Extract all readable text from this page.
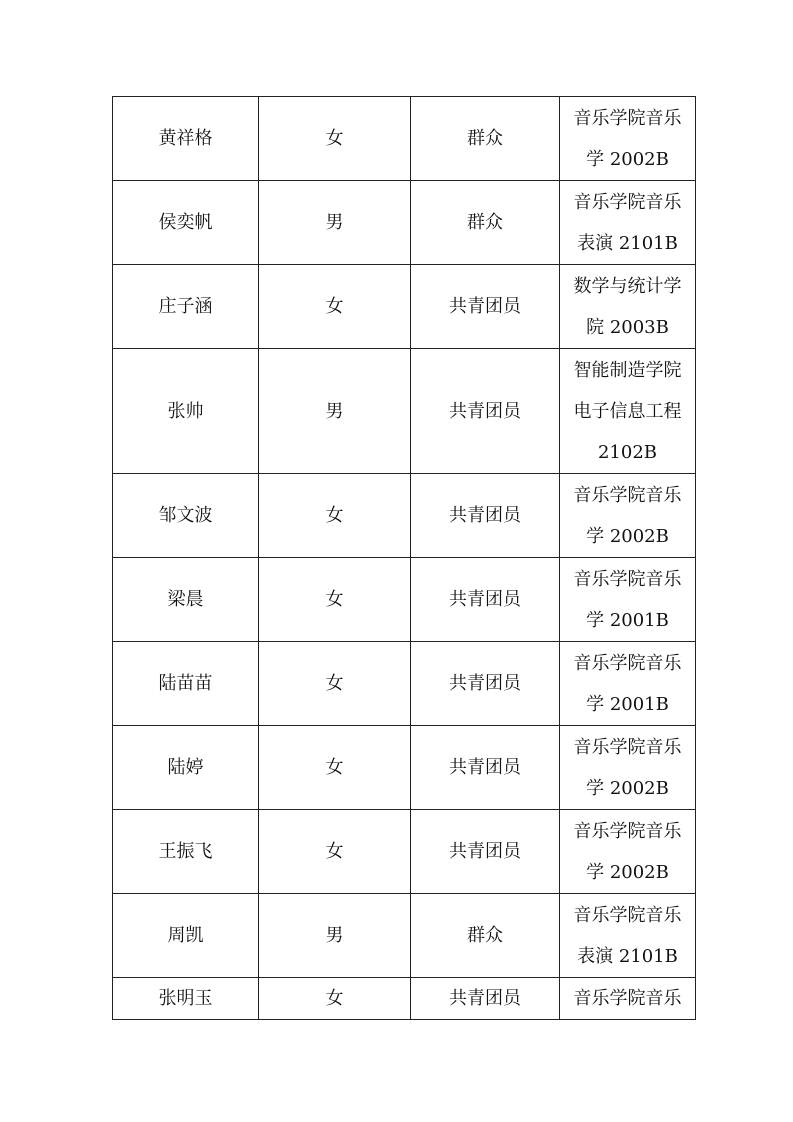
黄祥格	女	群众	音乐学院音乐
学 2002B
侯奕帆	男	群众	音乐学院音乐
表演 2101B
庄子涵	女	共青团员	数学与统计学
院 2003B
张帅	男	共青团员	智能制造学院
电子信息工程
2102B
邹文波	女	共青团员	音乐学院音乐
学 2002B
梁晨	女	共青团员	音乐学院音乐
学 2001B
陆苗苗	女	共青团员	音乐学院音乐
学 2001B
陆婷	女	共青团员	音乐学院音乐
学 2002B
王振飞	女	共青团员	音乐学院音乐
学 2002B
周凯	男	群众	音乐学院音乐
表演 2101B
张明玉	女	共青团员	音乐学院音乐
